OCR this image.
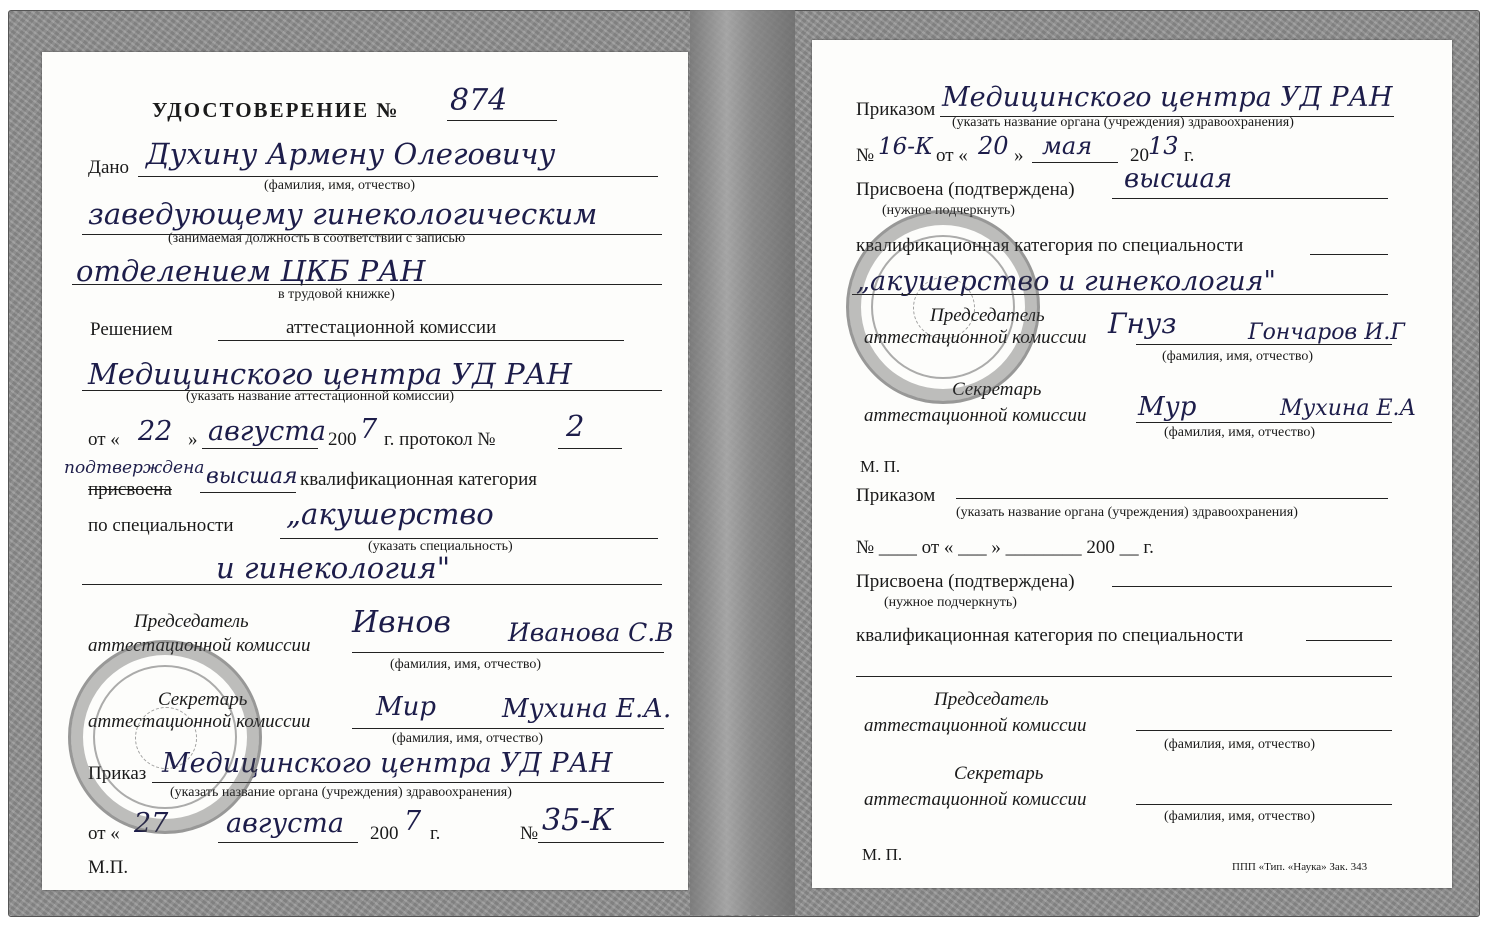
УДОСТОВЕРЕНИЕ № 874
Дано Духину Армену Олеговичу
(фамилия, имя, отчество)
заведующему гинекологическим
(занимаемая должность в соответствии с записью
отделением ЦКБ РАН
в трудовой книжке)
Решением	аттестационной комиссии
Медицинского центра УД РАН
(указать название аттестационной комиссии)
от « 22 » августа 200 7 г. протокол № 2
подтверждена
присвоена
высшая квалификационная категория
по специальности „акушерство
(указать специальность)
и гинекология"
Председатель
аттестационной комиссии
Ивнов Иванова С.В
(фамилия, имя, отчество)
Секретарь
аттестационной комиссии	Мир	Мухина Е.А.
(фамилия, имя, отчество)
Приказ Медицинского центра УД РАН
(указать название органа (учреждения) здравоохранения)
от « 27 августа 200 7 г.	№ 35-К
М.П.
Приказом Медицинского центра УД РАН
(указать название органа (учреждения) здравоохранения)
№ 16-К от « 20 » мая 20 13 г.
Присвоена (подтверждена) высшая
(нужное подчеркнуть)
квалификационная категория по специальности
„акушерство и гинекология"
Председатель
аттестационной комиссии Гнуз	Гончаров И.Г
(фамилия, имя, отчество)
Секретарь
аттестационной комиссии Мур	Мухина Е.А
(фамилия, имя, отчество)
М. П.
Приказом
(указать название органа (учреждения) здравоохранения)
№ ____ от « ___ » ________ 200 __ г.
Присвоена (подтверждена)
(нужное подчеркнуть)
квалификационная категория по специальности
Председатель
аттестационной комиссии
(фамилия, имя, отчество)
Секретарь
аттестационной комиссии
(фамилия, имя, отчество)
М. П.
ППП «Тип. «Наука» Зак. 343
